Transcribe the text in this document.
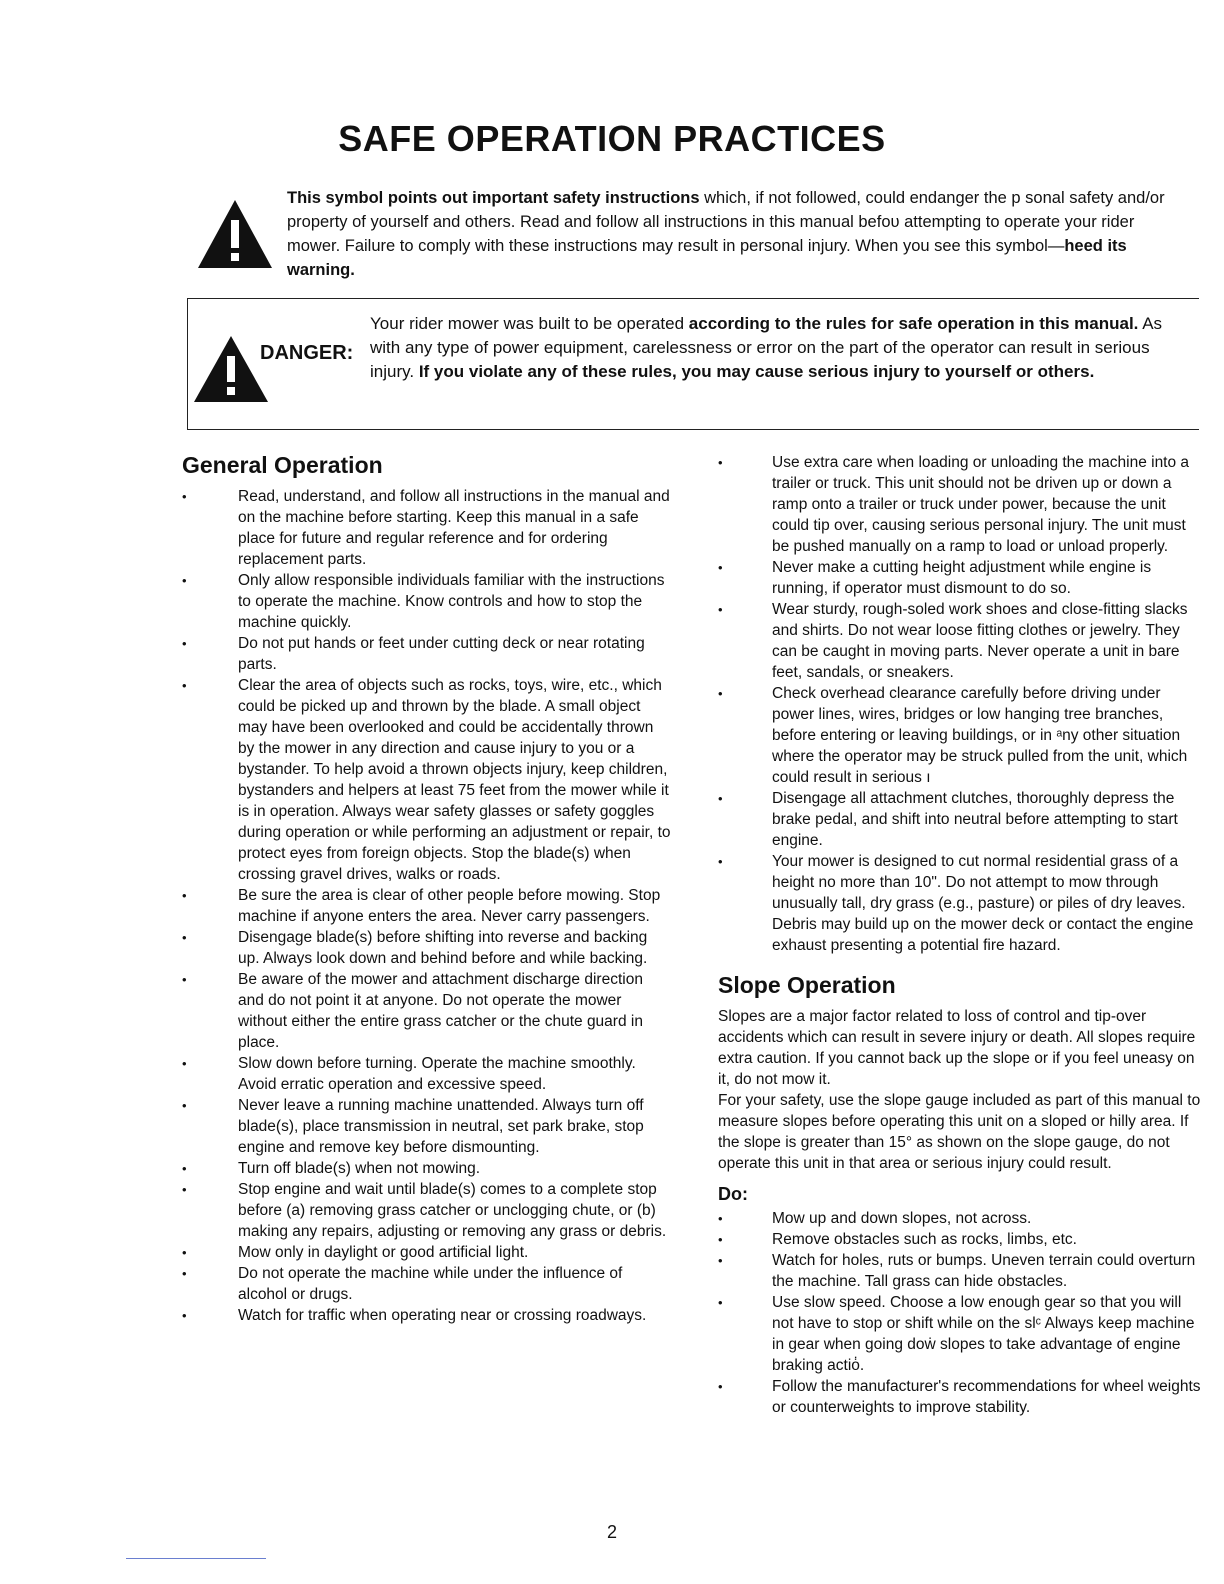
SAFE OPERATION PRACTICES

This symbol points out important safety instructions which, if not followed, could endanger the p sonal safety and/or property of yourself and others. Read and follow all instructions in this manual befoᴜ attempting to operate your rider mower. Failure to comply with these instructions may result in personal injury. When you see this symbol—heed its warning.

DANGER:

Your rider mower was built to be operated according to the rules for safe operation in this manual. As with any type of power equipment, carelessness or error on the part of the operator can result in serious injury. If you violate any of these rules, you may cause serious injury to yourself or others.

General Operation
• Read, understand, and follow all instructions in the manual and on the machine before starting. Keep this manual in a safe place for future and regular reference and for ordering replacement parts.
• Only allow responsible individuals familiar with the instructions to operate the machine. Know controls and how to stop the machine quickly.
• Do not put hands or feet under cutting deck or near rotating parts.
• Clear the area of objects such as rocks, toys, wire, etc., which could be picked up and thrown by the blade. A small object may have been overlooked and could be accidentally thrown by the mower in any direction and cause injury to you or a bystander. To help avoid a thrown objects injury, keep children, bystanders and helpers at least 75 feet from the mower while it is in operation. Always wear safety glasses or safety goggles during operation or while performing an adjustment or repair, to protect eyes from foreign objects. Stop the blade(s) when crossing gravel drives, walks or roads.
• Be sure the area is clear of other people before mowing. Stop machine if anyone enters the area. Never carry passengers.
• Disengage blade(s) before shifting into reverse and backing up. Always look down and behind before and while backing.
• Be aware of the mower and attachment discharge direction and do not point it at anyone. Do not operate the mower without either the entire grass catcher or the chute guard in place.
• Slow down before turning. Operate the machine smoothly. Avoid erratic operation and excessive speed.
• Never leave a running machine unattended. Always turn off blade(s), place transmission in neutral, set park brake, stop engine and remove key before dismounting.
• Turn off blade(s) when not mowing.
• Stop engine and wait until blade(s) comes to a complete stop before (a) removing grass catcher or unclogging chute, or (b) making any repairs, adjusting or removing any grass or debris.
• Mow only in daylight or good artificial light.
• Do not operate the machine while under the influence of alcohol or drugs.
• Watch for traffic when operating near or crossing roadways.
• Use extra care when loading or unloading the machine into a trailer or truck. This unit should not be driven up or down a ramp onto a trailer or truck under power, because the unit could tip over, causing serious personal injury. The unit must be pushed manually on a ramp to load or unload properly.
• Never make a cutting height adjustment while engine is running, if operator must dismount to do so.
• Wear sturdy, rough-soled work shoes and close-fitting slacks and shirts. Do not wear loose fitting clothes or jewelry. They can be caught in moving parts. Never operate a unit in bare feet, sandals, or sneakers.
• Check overhead clearance carefully before driving under power lines, wires, bridges or low hanging tree branches, before entering or leaving buildings, or in ᵃny other situation where the operator may be struck pulled from the unit, which could result in serious ı
• Disengage all attachment clutches, thoroughly depress the brake pedal, and shift into neutral before attempting to start engine.
• Your mower is designed to cut normal residential grass of a height no more than 10". Do not attempt to mow through unusually tall, dry grass (e.g., pasture) or piles of dry leaves. Debris may build up on the mower deck or contact the engine exhaust presenting a potential fire hazard.
Slope Operation

Slopes are a major factor related to loss of control and tip-over accidents which can result in severe injury or death. All slopes require extra caution. If you cannot back up the slope or if you feel uneasy on it, do not mow it.

For your safety, use the slope gauge included as part of this manual to measure slopes before operating this unit on a sloped or hilly area. If the slope is greater than 15° as shown on the slope gauge, do not operate this unit in that area or serious injury could result.

Do:
• Mow up and down slopes, not across.
• Remove obstacles such as rocks, limbs, etc.
• Watch for holes, ruts or bumps. Uneven terrain could overturn the machine. Tall grass can hide obstacles.
• Use slow speed. Choose a low enough gear so that you will not have to stop or shift while on the slᶜ Always keep machine in gear when going doẇ slopes to take advantage of engine braking actiȯ̇.
• Follow the manufacturer's recommendations for wheel weights or counterweights to improve stability.

2
